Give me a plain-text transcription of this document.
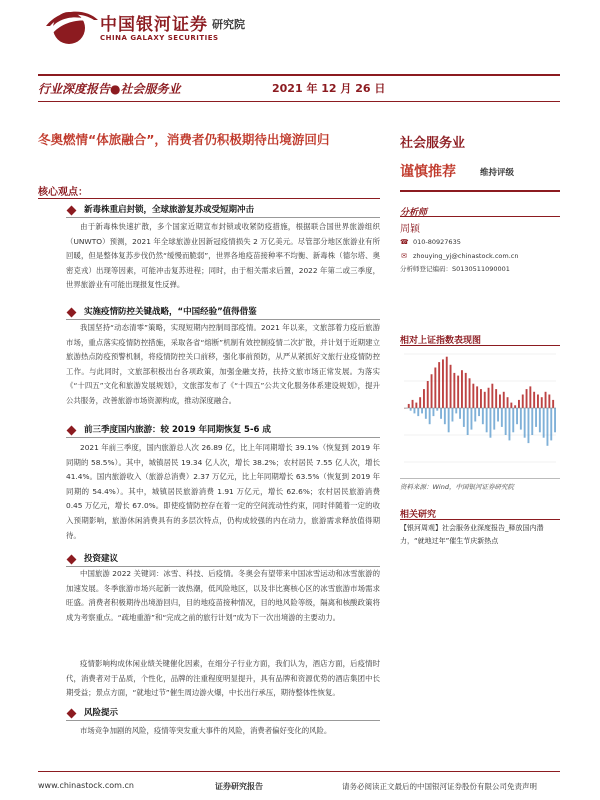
中国银河证券
CHINA GALAXY SECURITIES
研究院
行业深度报告●社会服务业	2021 年 12 月 26 日
冬奥燃情“体旅融合”，消费者仍积极期待出境游回归	社会服务业
谨慎推荐	维持评级
分析师
周颖
☎ 010-80927635
✉ zhouying_yj@chinastock.com.cn
分析师登记编码：S0130511090001
相对上证指数表现图
资料来源：Wind，中国银河证券研究院
相关研究
【银河周观】社会服务业深度报告_释放国内潜力，“就地过年”催生节庆新热点
核心观点：
新毒株重启封锁，全球旅游复苏或受短期冲击
由于新毒株快速扩散，多个国家近期宣布封锁或收紧防疫措施，根据联合国世界旅游组织（UNWTO）预测，2021 年全球旅游业因新冠疫情损失 2 万亿美元。尽管部分地区旅游业有所回暖，但是整体复苏步伐仍然“缓慢而脆弱”，世界各地疫苗接种率不均衡、新毒株（德尔塔、奥密克戎）出现等因素，可能冲击复苏进程；同时，由于相关需求后置，2022 年第二或三季度，世界旅游业有可能出现报复性反弹。
实施疫情防控关键战略，“中国经验”值得借鉴
我国坚持“动态清零”策略，实现短期内控制局部疫情。2021 年以来，文旅部着力疫后旅游市场，重点落实疫情防控措施，采取各省“熔断”机制有效控制疫情二次扩散，并计划于近期建立旅游热点防疫预警机制，将疫情防控关口前移，强化事前预防，从严从紧抓好文旅行业疫情防控工作。与此同时，文旅部积极出台各项政策，加强金融支持，扶持文旅市场正常发展。为落实《“十四五”文化和旅游发展规划》，文旅部发布了《“十四五”公共文化服务体系建设规划》，提升公共服务，改善旅游市场资源构成，推动深度融合。
前三季度国内旅游：较 2019 年同期恢复 5-6 成
2021 年前三季度，国内旅游总人次 26.89 亿，比上年同期增长 39.1%（恢复到 2019 年同期的 58.5%）。其中，城镇居民 19.34 亿人次，增长 38.2%；农村居民 7.55 亿人次，增长 41.4%。国内旅游收入（旅游总消费）2.37 万亿元，比上年同期增长 63.5%（恢复到 2019 年同期的 54.4%）。其中，城镇居民旅游消费 1.91 万亿元，增长 62.6%；农村居民旅游消费 0.45 万亿元，增长 67.0%。即使疫情防控存在着一定的空间流动性约束，同时伴随着一定的收入预期影响，旅游休闲消费具有的多层次特点，仍构成较强的内在动力，旅游需求释放值得期待。
投资建议
中国旅游 2022 关键词：冰雪、科技、后疫情。冬奥会有望带来中国冰雪运动和冰雪旅游的加速发展。冬季旅游市场兴起新一波热潮，低风险地区，以及非比赛核心区的冰雪旅游市场需求旺盛。消费者积极期待出境游回归，目的地疫苗接种情况，目的地风险等级，隔离和核酸政策将成为考察重点。“疏地重游”和“完成之前的旅行计划”成为下一次出境游的主要动力。
疫情影响构成休闲业绩关键催化因素，在细分子行业方面，我们认为，酒店方面，后疫情时代，消费者对于品质，个性化，品牌的注重程度明显提升，具有品牌和资源优势的酒店集团中长期受益；景点方面，“就地过节”催生周边游火爆，中长出行承压，期待整体性恢复。
风险提示
市场竞争加剧的风险，疫情等突发重大事件的风险，消费者偏好变化的风险。
www.chinastock.com.cn	证券研究报告	请务必阅读正文最后的中国银河证券股份有限公司免责声明
